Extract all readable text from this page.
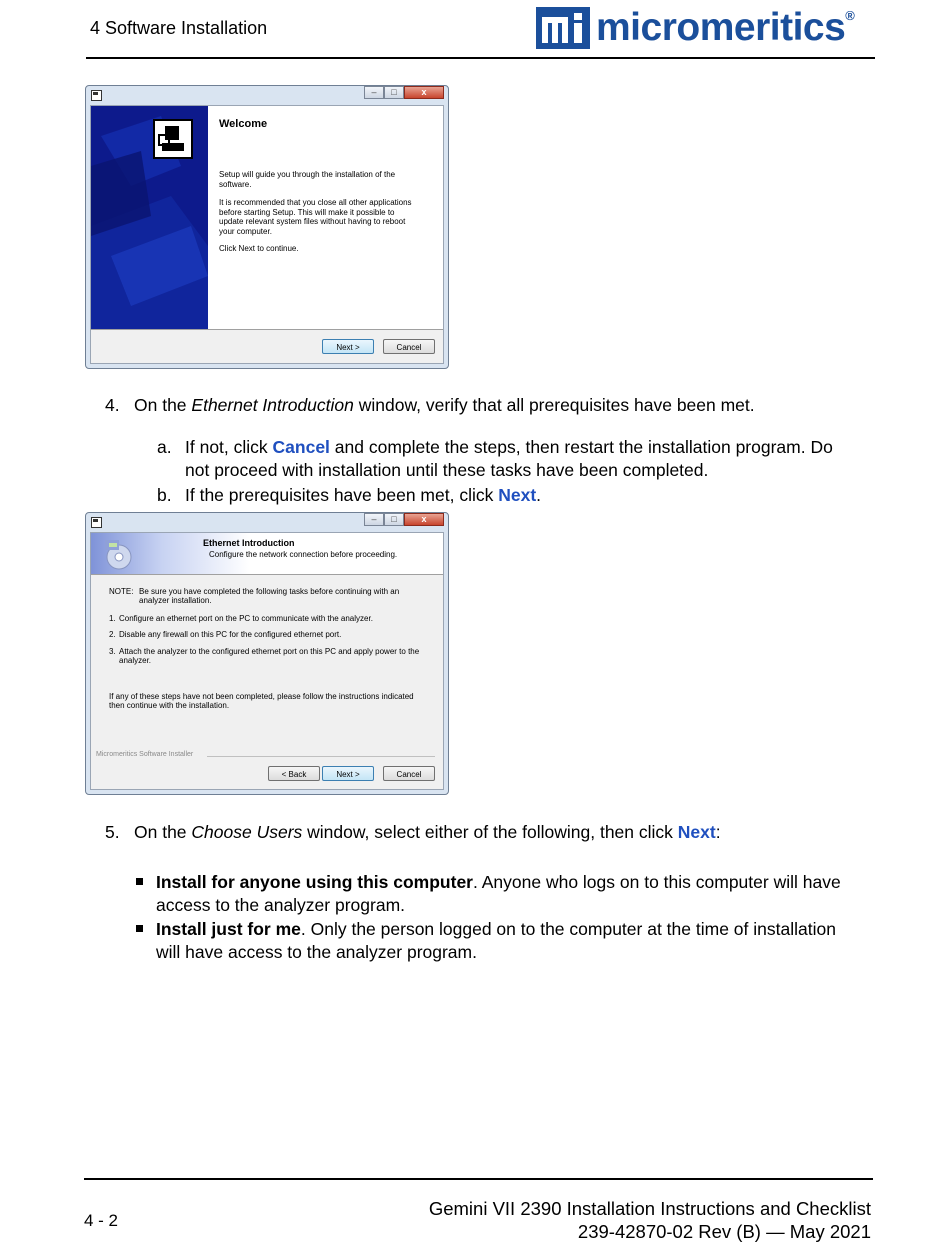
4 Software Installation	micromeritics®
–	□	x
Welcome
Setup will guide you through the installation of the software.
It is recommended that you close all other applications before starting Setup. This will make it possible to update relevant system files without having to reboot your computer.
Click Next to continue.
Next >	Cancel
4. On the Ethernet Introduction window, verify that all prerequisites have been met.
a. If not, click Cancel and complete the steps, then restart the installation program. Do
not proceed with installation until these tasks have been completed.
b. If the prerequisites have been met, click Next.
–	□	x
Ethernet Introduction
Configure the network connection before proceeding.
NOTE: Be sure you have completed the following tasks before continuing with an
analyzer installation.
1. Configure an ethernet port on the PC to communicate with the analyzer.
2. Disable any firewall on this PC for the configured ethernet port.
3. Attach the analyzer to the configured ethernet port on this PC and apply power to the
analyzer.
If any of these steps have not been completed, please follow the instructions indicated
then continue with the installation.
Micromeritics Software Installer
< Back	Next >	Cancel
5. On the Choose Users window, select either of the following, then click Next:
Install for anyone using this computer. Anyone who logs on to this computer will have
access to the analyzer program.
Install just for me. Only the person logged on to the computer at the time of installation
will have access to the analyzer program.
4 - 2
Gemini VII 2390 Installation Instructions and Checklist
239-42870-02 Rev (B) — May 2021
